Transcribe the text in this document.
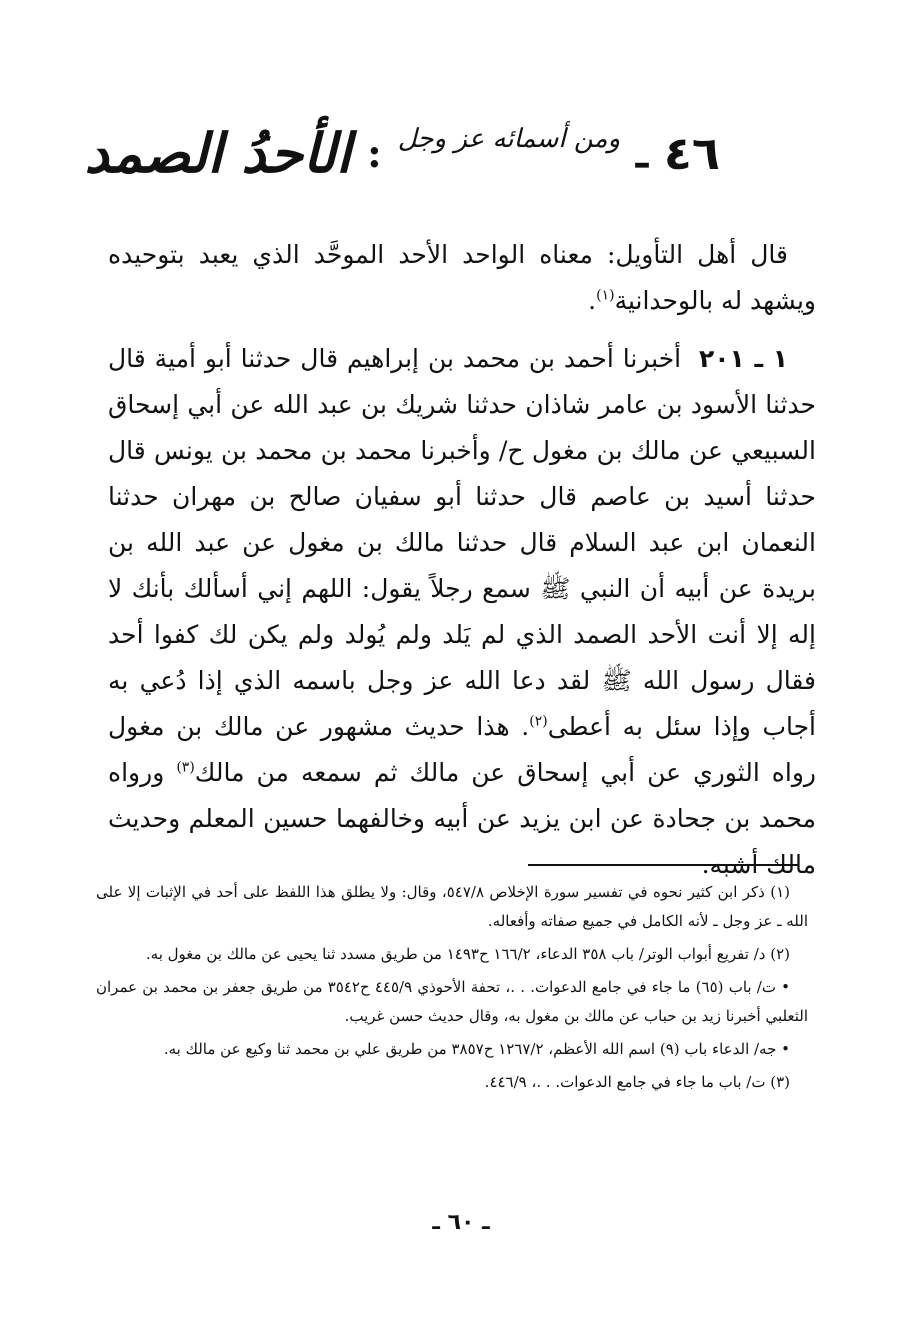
٤٦
ـ
ومن أسمائه عز وجل
:
الأحدُ الصمد

قال أهل التأويل: معناه الواحد الأحد الموحَّد الذي يعبد بتوحيده ويشهد له بالوحدانية$^{(١)}$.

١ ـ ٢٠١  أخبرنا أحمد بن محمد بن إبراهيم قال حدثنا أبو أمية قال حدثنا الأسود بن عامر شاذان حدثنا شريك بن عبد الله عن أبي إسحاق السبيعي عن مالك بن مغول ح/ وأخبرنا محمد بن محمد بن يونس قال حدثنا أسيد بن عاصم قال حدثنا أبو سفيان صالح بن مهران حدثنا النعمان ابن عبد السلام قال حدثنا مالك بن مغول عن عبد الله بن بريدة عن أبيه أن النبي ﷺ سمع رجلاً يقول: اللهم إني أسألك بأنك لا إله إلا أنت الأحد الصمد الذي لم يَلد ولم يُولد ولم يكن لك كفوا أحد فقال رسول الله ﷺ لقد دعا الله عز وجل باسمه الذي إذا دُعي به أجاب وإذا سئل به أعطى$^{(٢)}$. هذا حديث مشهور عن مالك بن مغول رواه الثوري عن أبي إسحاق عن مالك ثم سمعه من مالك$^{(٣)}$ ورواه محمد بن جحادة عن ابن يزيد عن أبيه وخالفهما حسين المعلم وحديث مالك أشبه.

(١) ذكر ابن كثير نحوه في تفسير سورة الإخلاص ٥٤٧/٨، وقال: ولا يطلق هذا اللفظ على أحد في الإثبات إلا على الله ـ عز وجل ـ لأنه الكامل في جميع صفاته وأفعاله.

(٢) د/ تفريع أبواب الوتر/ باب ٣٥٨ الدعاء، ١٦٦/٢ ح١٤٩٣ من طريق مسدد ثنا يحيى عن مالك بن مغول به.

• ت/ باب (٦٥) ما جاء في جامع الدعوات. . .، تحفة الأحوذي ٤٤٥/٩ ح٣٥٤٢ من طريق جعفر بن محمد بن عمران الثعلبي أخبرنا زيد بن حباب عن مالك بن مغول به، وقال حديث حسن غريب.

• جه/ الدعاء باب (٩) اسم الله الأعظم، ١٢٦٧/٢ ح٣٨٥٧ من طريق علي بن محمد ثنا وكيع عن مالك به.

(٣) ت/ باب ما جاء في جامع الدعوات. . .، ٤٤٦/٩.

ـ ٦٠ ـ
